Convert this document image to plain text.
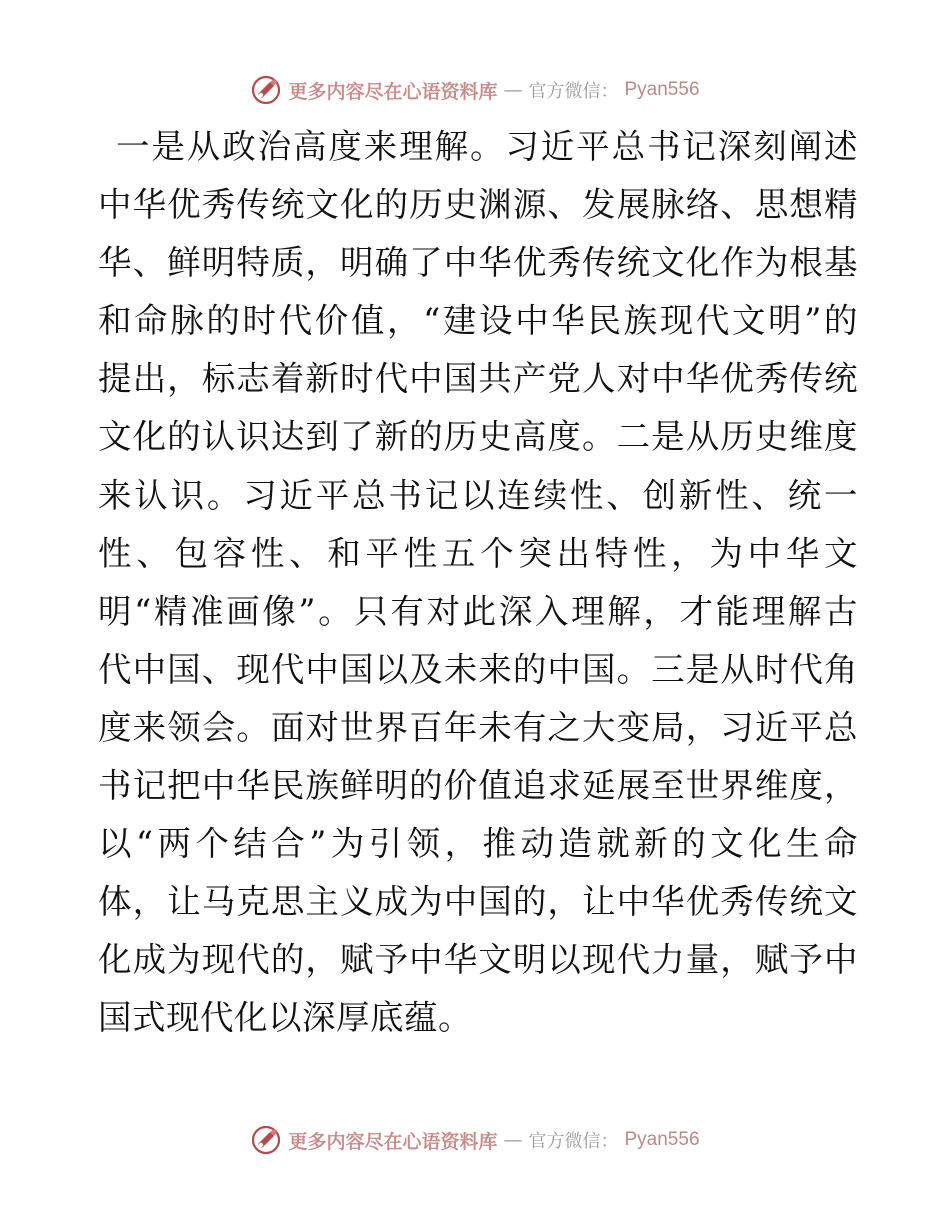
更多内容尽在心语资料库 — 官方微信： Pyan556
一是从政治高度来理解。习近平总书记深刻阐述
中华优秀传统文化的历史渊源、发展脉络、思想精
华、鲜明特质，明确了中华优秀传统文化作为根基
和命脉的时代价值，“建设中华民族现代文明”的
提出，标志着新时代中国共产党人对中华优秀传统
文化的认识达到了新的历史高度。二是从历史维度
来认识。习近平总书记以连续性、创新性、统一
性、包容性、和平性五个突出特性，为中华文
明“精准画像”。只有对此深入理解，才能理解古
代中国、现代中国以及未来的中国。三是从时代角
度来领会。面对世界百年未有之大变局，习近平总
书记把中华民族鲜明的价值追求延展至世界维度，
以“两个结合”为引领，推动造就新的文化生命
体，让马克思主义成为中国的，让中华优秀传统文
化成为现代的，赋予中华文明以现代力量，赋予中
国式现代化以深厚底蕴。
更多内容尽在心语资料库 — 官方微信： Pyan556
